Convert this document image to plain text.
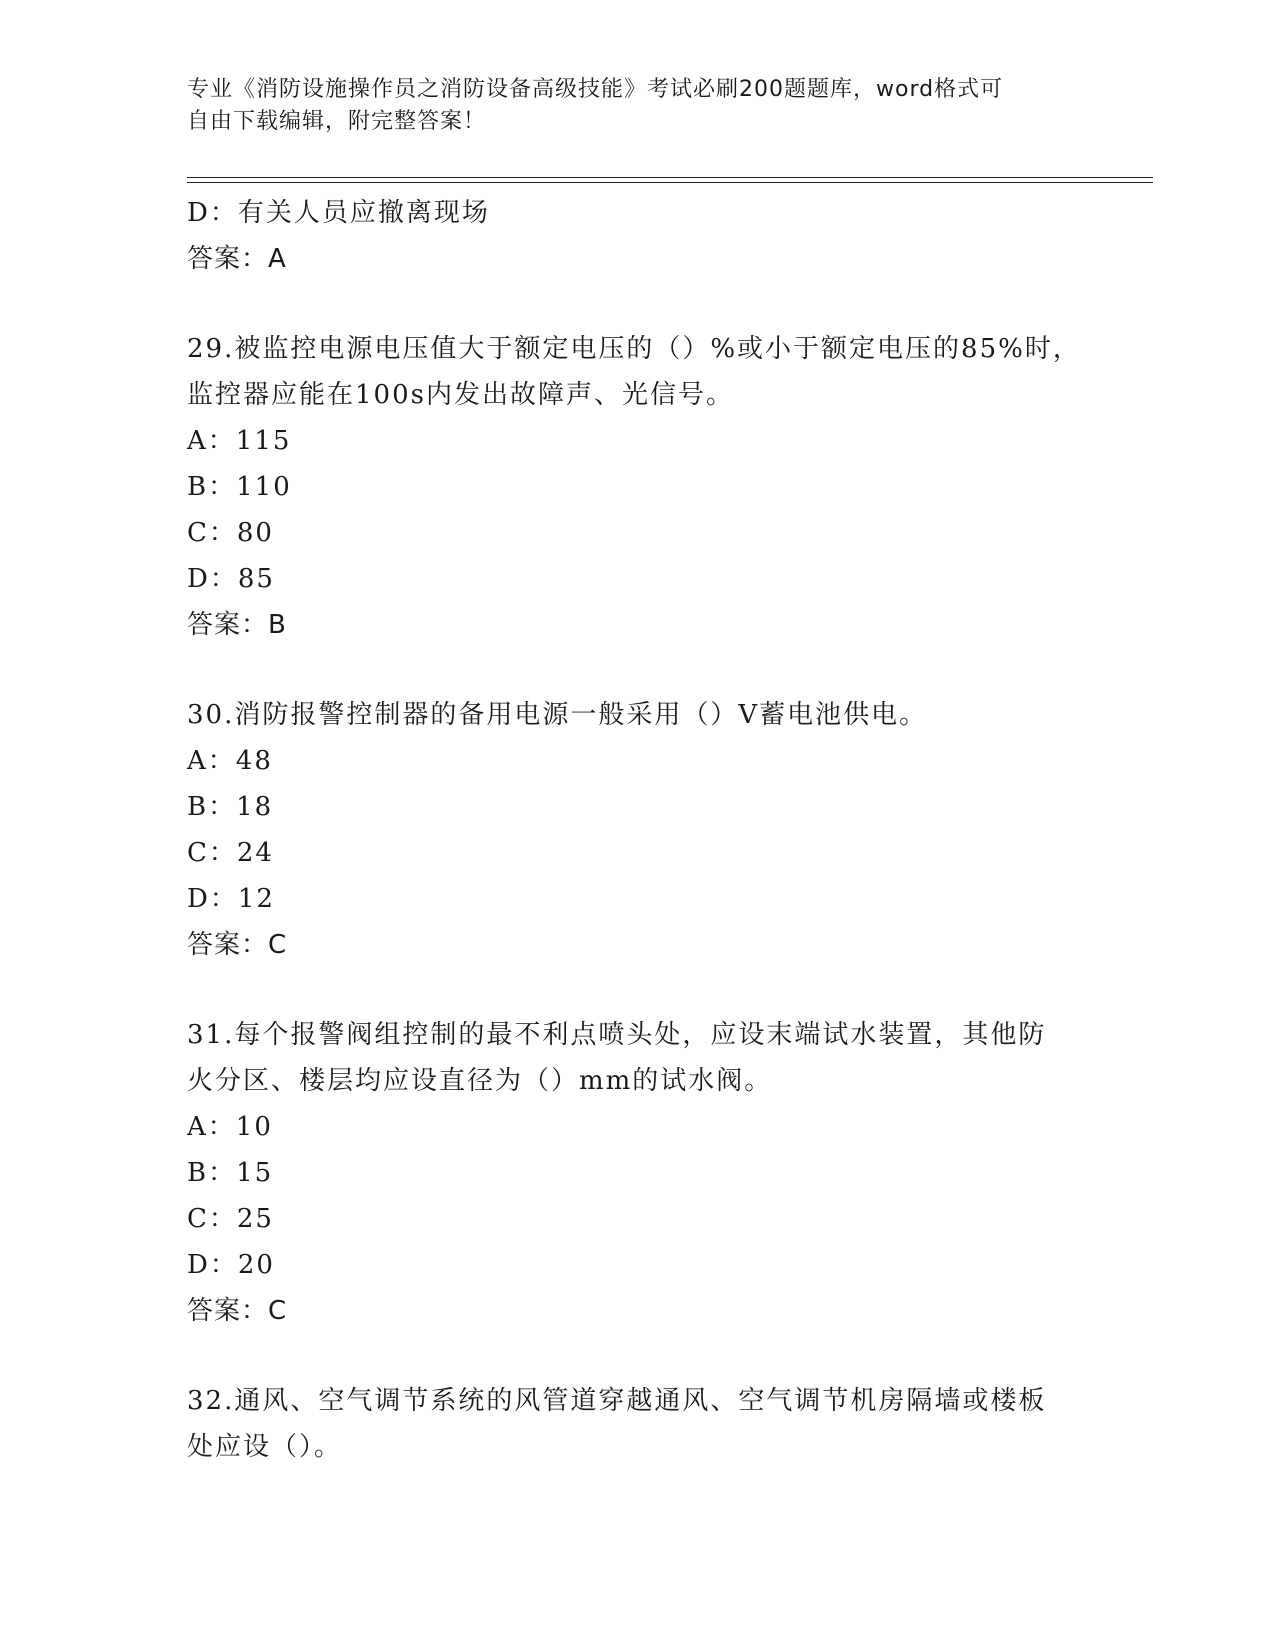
专业《消防设施操作员之消防设备高级技能》考试必刷200题题库，word格式可
自由下载编辑，附完整答案！
D：有关人员应撤离现场
答案：A
29.被监控电源电压值大于额定电压的（）%或小于额定电压的85%时，
监控器应能在100s内发出故障声、光信号。
A：115
B：110
C：80
D：85
答案：B
30.消防报警控制器的备用电源一般采用（）V蓄电池供电。
A：48
B：18
C：24
D：12
答案：C
31.每个报警阀组控制的最不利点喷头处，应设末端试水装置，其他防
火分区、楼层均应设直径为（）mm的试水阀。
A：10
B：15
C：25
D：20
答案：C
32.通风、空气调节系统的风管道穿越通风、空气调节机房隔墙或楼板
处应设（）。
